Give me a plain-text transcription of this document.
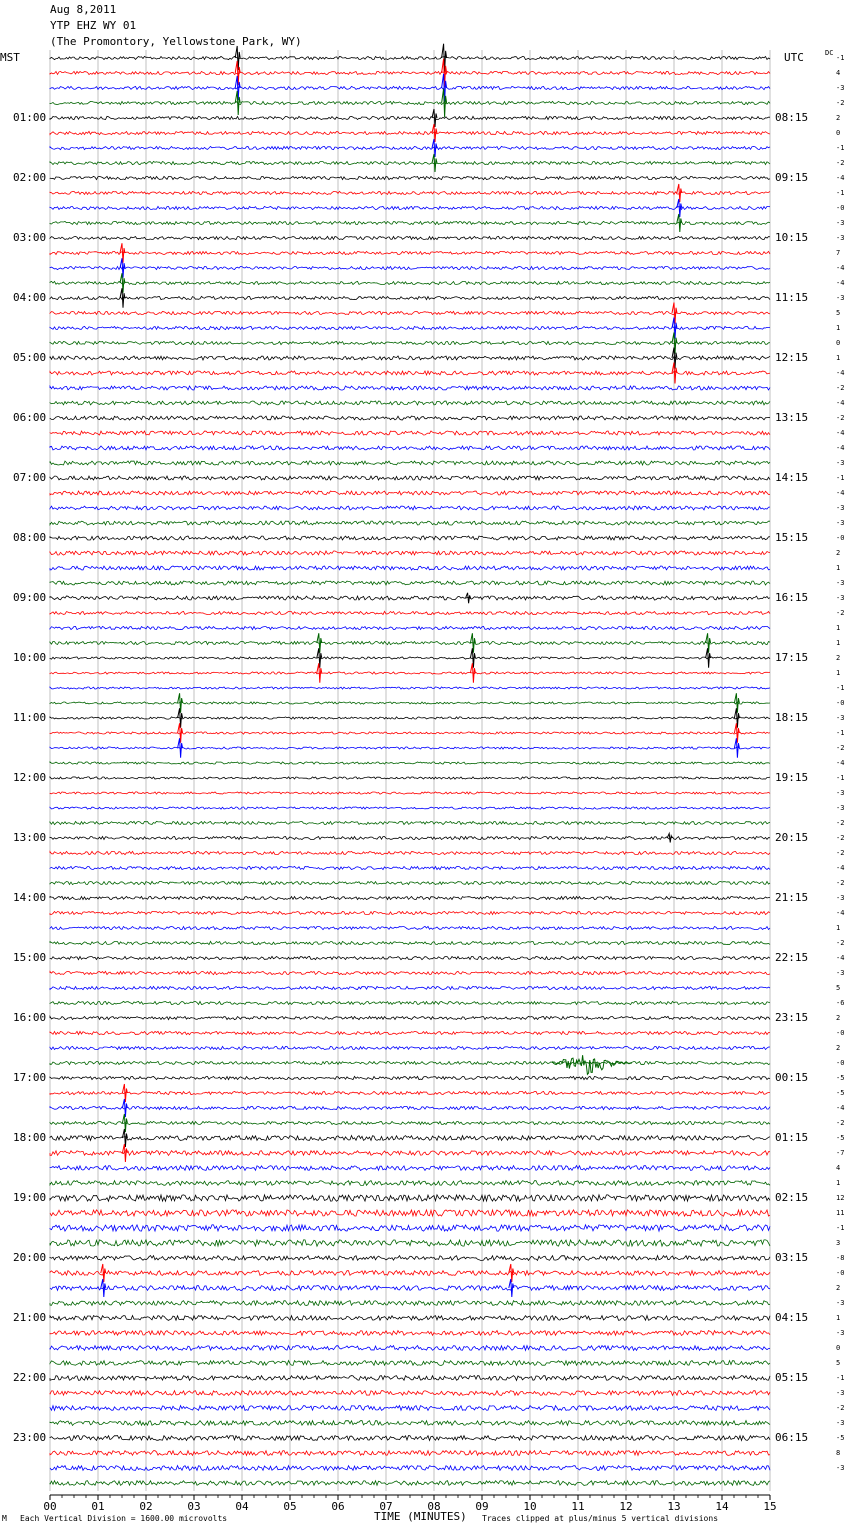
Aug 8,2011
YTP EHZ WY 01
(The Promontory, Yellowstone Park, WY)
MST	UTC	DC
00	01	02	03	04	05	06	07	08	09	10	11	12	13	14	15
01:00
02:00
03:00
04:00
05:00
06:00
07:00
08:00
09:00
10:00
11:00
12:00
13:00
14:00
15:00
16:00
17:00
18:00
19:00
20:00
21:00
22:00
23:00
08:15
09:15
10:15
11:15
12:15
13:15
14:15
15:15
16:15
17:15
18:15
19:15
20:15
21:15
22:15
23:15
00:15
01:15
02:15
03:15
04:15
05:15
06:15
-1
4
-3
-2
2
0
-1
-2
-4
-1
-0
-3
-3
7
-4
-4
-3
5
1
0
1
-4
-2
-4
-2
-4
-4
-3
-1
-4
-3
-3
-0
2
1
-3
-3
-2
1
1
2
1
-1
-0
-3
-1
-2
-4
-1
-3
-3
-2
-2
-2
-4
-2
-3
-4
1
-2
-4
-3
5
-6
2
-0
2
-0
-5
-5
-4
-2
-5
-7
4
1
12
11
-1
3
-8
-0
2
-3
1
-3
0
5
-1
-3
-2
-3
-5
8
-3
M Each Vertical Division = 1600.00 microvolts	TIME (MINUTES) Traces clipped at plus/minus 5 vertical divisions
